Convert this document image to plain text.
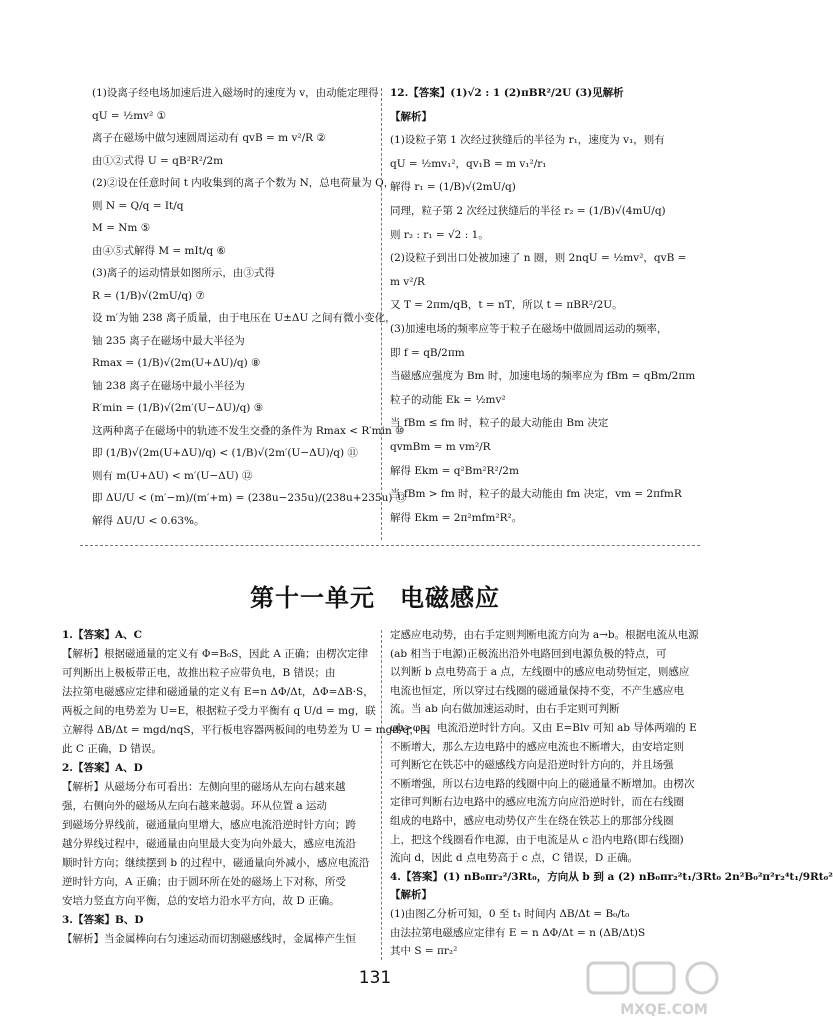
(1)设离子经电场加速后进入磁场时的速度为 v，由动能定理得
qU = ½mv² ①
离子在磁场中做匀速圆周运动有 qvB = m v²/R ②
由①②式得 U = qB²R²/2m
(2)②设在任意时间 t 内收集到的离子个数为 N，总电荷量为 Q，
则 N = Q/q = It/q
M = Nm ⑤
由④⑤式解得 M = mIt/q ⑥
(3)离子的运动情景如图所示，由③式得
R = (1/B)√(2mU/q) ⑦
设 m′为铀 238 离子质量，由于电压在 U±ΔU 之间有微小变化，
铀 235 离子在磁场中最大半径为
Rmax = (1/B)√(2m(U+ΔU)/q) ⑧
铀 238 离子在磁场中最小半径为
R′min = (1/B)√(2m′(U−ΔU)/q) ⑨
这两种离子在磁场中的轨迹不发生交叠的条件为 Rmax < R′min ⑩
即 (1/B)√(2m(U+ΔU)/q) < (1/B)√(2m′(U−ΔU)/q) ⑪
则有 m(U+ΔU) < m′(U−ΔU) ⑫
即 ΔU/U < (m′−m)/(m′+m) = (238u−235u)/(238u+235u) ⑬
解得 ΔU/U < 0.63%。
12.【答案】(1)√2 : 1 (2)πBR²/2U (3)见解析
【解析】
(1)设粒子第 1 次经过狭缝后的半径为 r₁，速度为 v₁，则有
qU = ½mv₁²，qv₁B = m v₁²/r₁
解得 r₁ = (1/B)√(2mU/q)
同理，粒子第 2 次经过狭缝后的半径 r₂ = (1/B)√(4mU/q)
则 r₂ : r₁ = √2 : 1。
(2)设粒子到出口处被加速了 n 圈，则 2nqU = ½mv²，qvB =
m v²/R
又 T = 2πm/qB，t = nT，所以 t = πBR²/2U。
(3)加速电场的频率应等于粒子在磁场中做圆周运动的频率，
即 f = qB/2πm
当磁感应强度为 Bm 时，加速电场的频率应为 fBm = qBm/2πm
粒子的动能 Ek = ½mv²
当 fBm ≤ fm 时，粒子的最大动能由 Bm 决定
qvmBm = m vm²/R
解得 Ekm = q²Bm²R²/2m
当 fBm > fm 时，粒子的最大动能由 fm 决定，vm = 2πfmR
解得 Ekm = 2π²mfm²R²。
第十一单元　电磁感应
1.【答案】A、C
【解析】根据磁通量的定义有 Φ=B₀S，因此 A 正确；由楞次定律
可判断出上极板带正电，故推出粒子应带负电，B 错误；由
法拉第电磁感应定律和磁通量的定义有 E=n ΔΦ/Δt，ΔΦ=ΔB·S，
两板之间的电势差为 U=E，根据粒子受力平衡有 q U/d = mg，联
立解得 ΔB/Δt = mgd/nqS，平行板电容器两板间的电势差为 U = mgd/q，因
此 C 正确，D 错误。
2.【答案】A、D
【解析】从磁场分布可看出：左侧向里的磁场从左向右越来越
强，右侧向外的磁场从左向右越来越弱。环从位置 a 运动
到磁场分界线前，磁通量向里增大，感应电流沿逆时针方向；跨
越分界线过程中，磁通量由向里最大变为向外最大，感应电流沿
顺时针方向；继续摆到 b 的过程中，磁通量向外减小，感应电流沿
逆时针方向，A 正确；由于圆环所在处的磁场上下对称，所受
安培力竖直方向平衡，总的安培力沿水平方向，故 D 正确。
3.【答案】B、D
【解析】当金属棒向右匀速运动而切割磁感线时，金属棒产生恒
定感应电动势，由右手定则判断电流方向为 a→b。根据电流从电源
(ab 相当于电源)正极流出沿外电路回到电源负极的特点，可
以判断 b 点电势高于 a 点，左线圈中的感应电动势恒定，则感应
电流也恒定，所以穿过右线圈的磁通量保持不变，不产生感应电
流。当 ab 向右做加速运动时，由右手定则可判断
φb>φa，电流沿逆时针方向。又由 E=Blv 可知 ab 导体两端的 E
不断增大，那么左边电路中的感应电流也不断增大，由安培定则
可判断它在铁芯中的磁感线方向是沿逆时针方向的，并且场强
不断增强，所以右边电路的线圈中向上的磁通量不断增加。由楞次
定律可判断右边电路中的感应电流方向应沿逆时针，而在右线圈
组成的电路中，感应电动势仅产生在绕在铁芯上的那部分线圈
上，把这个线圈看作电源，由于电流是从 c 沿内电路(即右线圈)
流向 d，因此 d 点电势高于 c 点，C 错误，D 正确。
4.【答案】(1) nB₀πr₂²/3Rt₀，方向从 b 到 a (2) nB₀πr₂²t₁/3Rt₀ 2n²B₀²π²r₂⁴t₁/9Rt₀²
【解析】
(1)由图乙分析可知，0 至 t₁ 时间内 ΔB/Δt = B₀/t₀
由法拉第电磁感应定律有 E = n ΔΦ/Δt = n (ΔB/Δt)S
其中 S = πr₂²
131
MXQE.COM
